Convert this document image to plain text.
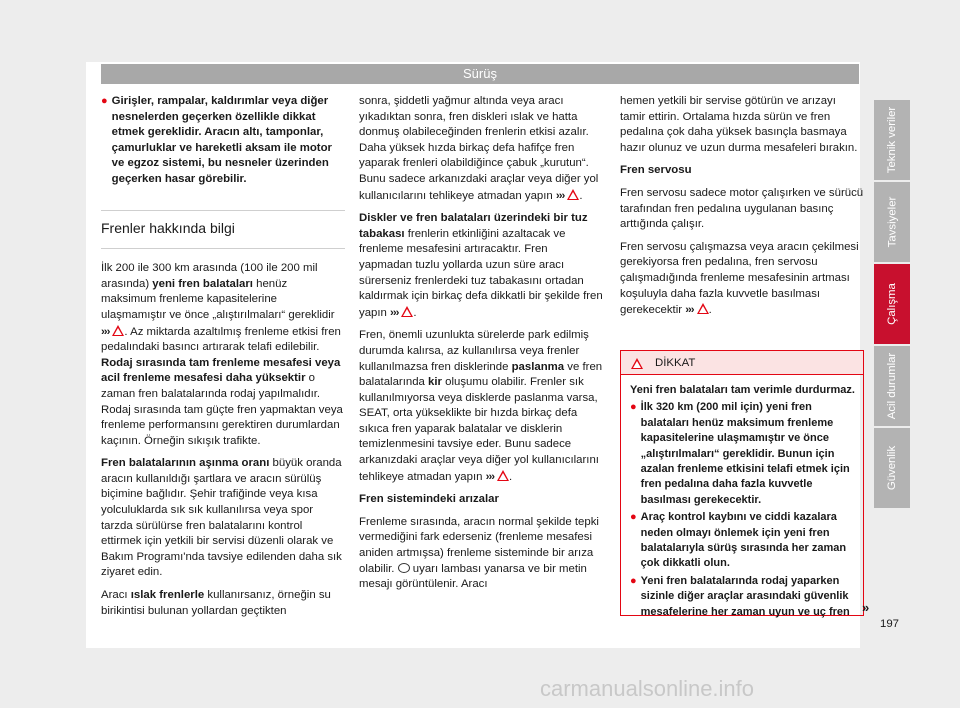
Sürüş
● Girişler, rampalar, kaldırımlar veya diğer nesnelerden geçerken özellikle dikkat etmek gereklidir. Aracın altı, tamponlar, çamurluklar ve hareketli aksam ile motor ve egzoz sistemi, bu nesneler üzerinden geçerken hasar görebilir.
Frenler hakkında bilgi

İlk 200 ile 300 km arasında (100 ile 200 mil arasında) yeni fren balataları henüz maksimum frenleme kapasitelerine ulaşmamıştır ve önce „alıştırılmaları“ gereklidir ››› . Az miktarda azaltılmış frenleme etkisi fren pedalındaki basıncı artırarak telafi edilebilir. Rodaj sırasında tam frenleme mesafesi veya acil frenleme mesafesi daha yüksektir o zaman fren balatalarında rodaj yapılmalıdır. Rodaj sırasında tam güçte fren yapmaktan veya frenleme performansını gerektiren durumlardan kaçının. Örneğin sıkışık trafikte.

Fren balatalarının aşınma oranı büyük oranda aracın kullanıldığı şartlara ve aracın sürülüş biçimine bağlıdır. Şehir trafiğinde veya kısa yolculuklarda sık sık kullanılırsa veya spor tarzda sürülürse fren balatalarını kontrol ettirmek için yetkili bir servisi düzenli olarak ve Bakım Programı'nda tavsiye edilenden daha sık ziyaret edin.

Aracı ıslak frenlerle kullanırsanız, örneğin su birikintisi bulunan yollardan geçtikten

sonra, şiddetli yağmur altında veya aracı yıkadıktan sonra, fren diskleri ıslak ve hatta donmuş olabileceğinden frenlerin etkisi azalır. Daha yüksek hızda birkaç defa hafifçe fren yaparak frenleri olabildiğince çabuk „kurutun“. Bunu sadece arkanızdaki araçlar veya diğer yol kullanıcılarını tehlikeye atmadan yapın ››› .

Diskler ve fren balataları üzerindeki bir tuz tabakası frenlerin etkinliğini azaltacak ve frenleme mesafesini artıracaktır. Fren yapmadan tuzlu yollarda uzun süre aracı sürerseniz frenlerdeki tuz tabakasını ortadan kaldırmak için birkaç defa dikkatli bir şekilde fren yapın ››› .

Fren, önemli uzunlukta sürelerde park edilmiş durumda kalırsa, az kullanılırsa veya frenler kullanılmazsa fren disklerinde paslanma ve fren balatalarında kir oluşumu olabilir. Frenler sık kullanılmıyorsa veya disklerde paslanma varsa, SEAT, orta yükseklikte bir hızda birkaç defa sıkıca fren yaparak balatalar ve disklerin temizlenmesini tavsiye eder. Bunu sadece arkanızdaki araçlar veya diğer yol kullanıcılarını tehlikeye atmadan yapın ››› .

Fren sistemindeki arızalar

Frenleme sırasında, aracın normal şekilde tepki vermediğini fark ederseniz (frenleme mesafesi aniden artmışsa) frenleme sisteminde bir arıza olabilir.  uyarı lambası yanarsa ve bir metin mesajı görüntülenir. Aracı

hemen yetkili bir servise götürün ve arızayı tamir ettirin. Ortalama hızda sürün ve fren pedalına çok daha yüksek basınçla basmaya hazır olunuz ve uzun durma mesafeleri bırakın.

Fren servosu

Fren servosu sadece motor çalışırken ve sürücü tarafından fren pedalına uygulanan basınç arttığında çalışır.

Fren servosu çalışmazsa veya aracın çekilmesi gerekiyorsa fren pedalına, fren servosu çalışmadığında frenleme mesafesinin artması koşuluyla daha fazla kuvvetle basılması gerekecektir ››› .

DİKKAT
Yeni fren balataları tam verimle durdurmaz.
● İlk 320 km (200 mil için) yeni fren balataları henüz maksimum frenleme kapasitelerine ulaşmamıştır ve önce „alıştırılmaları“ gereklidir. Bunun için azalan frenleme etkisini telafi etmek için fren pedalına daha fazla kuvvetle basılması gerekecektir.
● Araç kontrol kaybını ve ciddi kazalara neden olmayı önlemek için yeni fren balatalarıyla sürüş sırasında her zaman çok dikkatli olun.
● Yeni fren balatalarında rodaj yaparken sizinle diğer araçlar arasındaki güvenlik mesafelerine her zaman uyun ve uç fren »
Teknik veriler
Tavsiyeler
Çalışma
Acil durumlar
Güvenlik
197
carmanualsonline.info
